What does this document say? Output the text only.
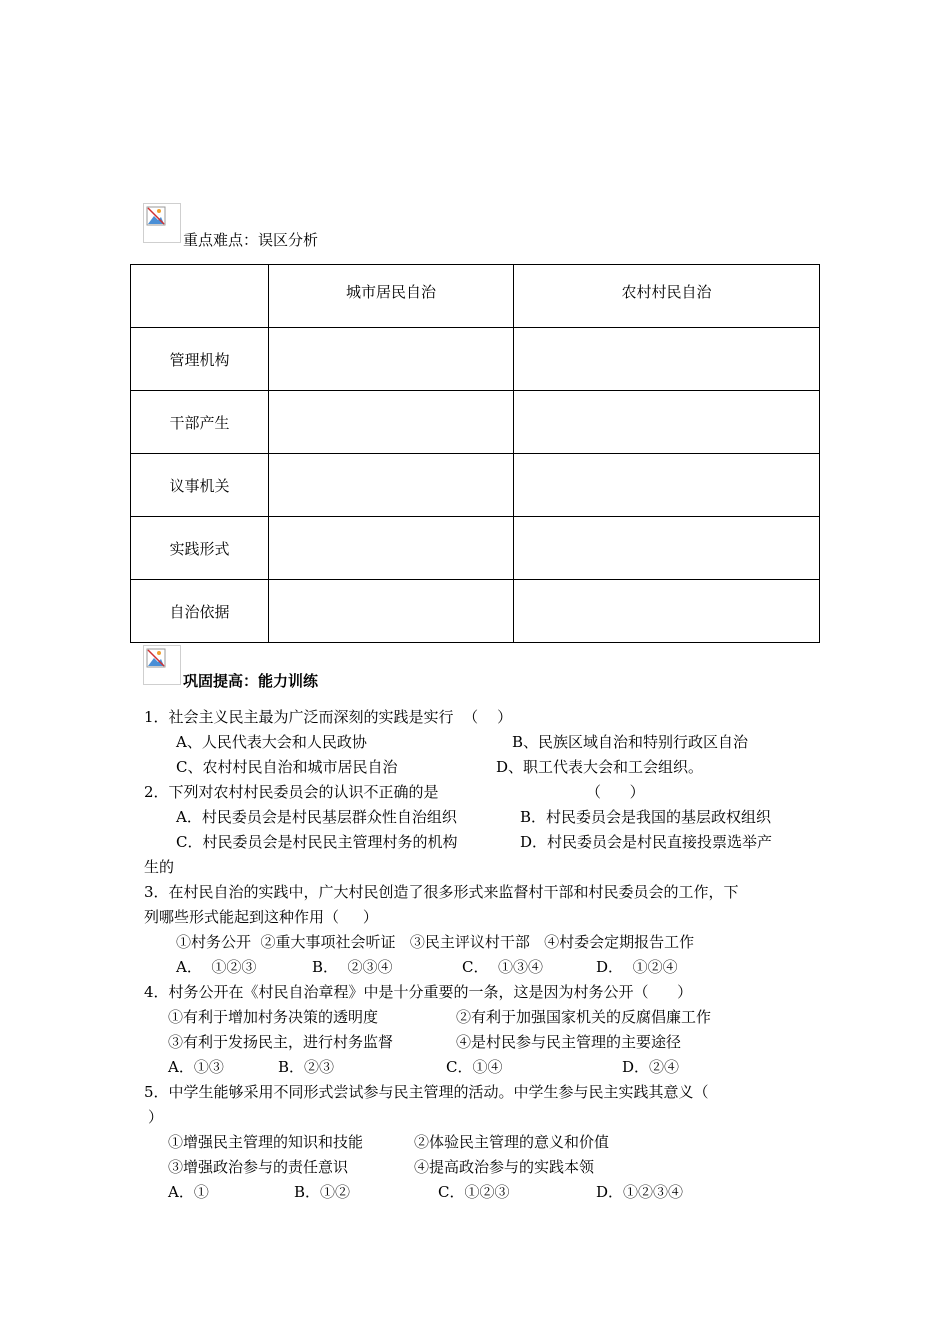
重点难点：误区分析
	城市居民自治	农村村民自治
管理机构		
干部产生		
议事机关		
实践形式		
自治依据		
巩固提高：能力训练
1．社会主义民主最为广泛而深刻的实践是实行  （    ）
A、人民代表大会和人民政协	B、民族区域自治和特别行政区自治
C、农村村民自治和城市居民自治	D、职工代表大会和工会组织。
2．下列对农村村民委员会的认识不正确的是	（      ）
A．村民委员会是村民基层群众性自治组织	B．村民委员会是我国的基层政权组织
C．村民委员会是村民民主管理村务的机构	D．村民委员会是村民直接投票选举产
生的
3．在村民自治的实践中，广大村民创造了很多形式来监督村干部和村民委员会的工作，下
列哪些形式能起到这种作用（     ）
①村务公开  ②重大事项社会听证   ③民主评议村干部   ④村委会定期报告工作
A．  ①②③	B．  ②③④	C．  ①③④	D．  ①②④
4．村务公开在《村民自治章程》中是十分重要的一条，这是因为村务公开（      ）
①有利于增加村务决策的透明度	②有利于加强国家机关的反腐倡廉工作
③有利于发扬民主，进行村务监督	④是村民参与民主管理的主要途径
A．①③	B．②③	C．①④	D．②④
5．中学生能够采用不同形式尝试参与民主管理的活动。中学生参与民主实践其意义（
）
①增强民主管理的知识和技能	②体验民主管理的意义和价值
③增强政治参与的责任意识	④提高政治参与的实践本领
A．①	B．①②	C．①②③	D．①②③④
